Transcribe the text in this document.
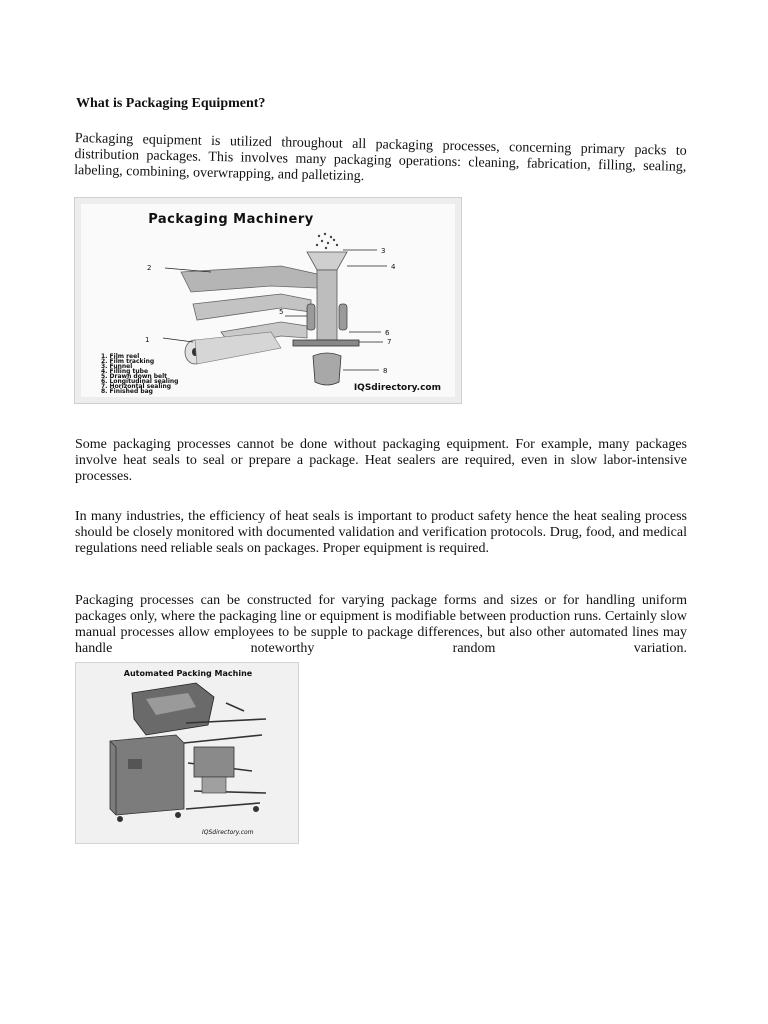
What is Packaging Equipment?
Packaging equipment is utilized throughout all packaging processes, concerning primary packs to distribution packages. This involves many packaging operations: cleaning, fabrication, filling, sealing, labeling, combining, overwrapping, and palletizing.
Packaging Machinery
1
2
3
4
5
6
7
8
1. Film reel
2. Film tracking
3. Funnel
4. Filling tube
5. Drawn down belt
6. Longitudinal sealing
7. Horizontal sealing
8. Finished bag	IQSdirectory.com
Some packaging processes cannot be done without packaging equipment. For example, many packages involve heat seals to seal or prepare a package. Heat sealers are required, even in slow labor-intensive processes.
In many industries, the efficiency of heat seals is important to product safety hence the heat sealing process should be closely monitored with documented validation and verification protocols. Drug, food, and medical regulations need reliable seals on packages. Proper equipment is required.
Packaging processes can be constructed for varying package forms and sizes or for handling uniform packages only, where the packaging line or equipment is modifiable between production runs. Certainly slow manual processes allow employees to be supple to package differences, but also other automated lines may handle noteworthy random variation.
Automated Packing Machine
IQSdirectory.com
